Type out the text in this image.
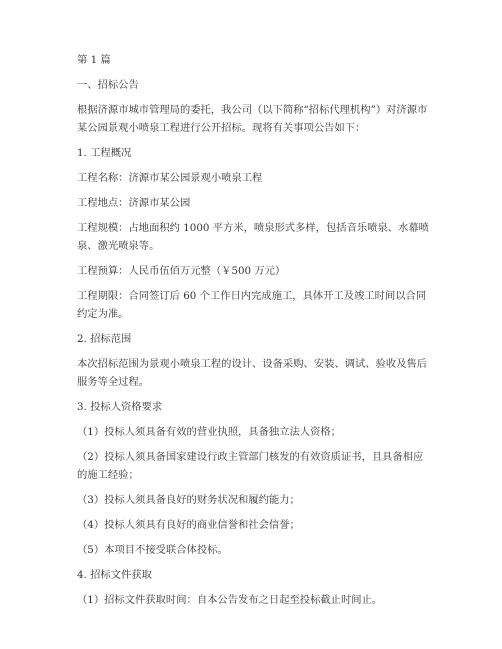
第 1 篇

一、招标公告

根据济源市城市管理局的委托，我公司（以下简称“招标代理机构”）对济源市某公园景观小喷泉工程进行公开招标。现将有关事项公告如下：

1. 工程概况

工程名称：济源市某公园景观小喷泉工程

工程地点：济源市某公园

工程规模：占地面积约 1000 平方米，喷泉形式多样，包括音乐喷泉、水幕喷泉、激光喷泉等。

工程预算：人民币伍佰万元整（￥500 万元）

工程期限：合同签订后 60 个工作日内完成施工，具体开工及竣工时间以合同约定为准。

2. 招标范围

本次招标范围为景观小喷泉工程的设计、设备采购、安装、调试、验收及售后服务等全过程。

3. 投标人资格要求

（1）投标人须具备有效的营业执照，具备独立法人资格；

（2）投标人须具备国家建设行政主管部门核发的有效资质证书，且具备相应的施工经验；

（3）投标人须具备良好的财务状况和履约能力；

（4）投标人须具有良好的商业信誉和社会信誉；

（5）本项目不接受联合体投标。

4. 招标文件获取

（1）招标文件获取时间：自本公告发布之日起至投标截止时间止。
